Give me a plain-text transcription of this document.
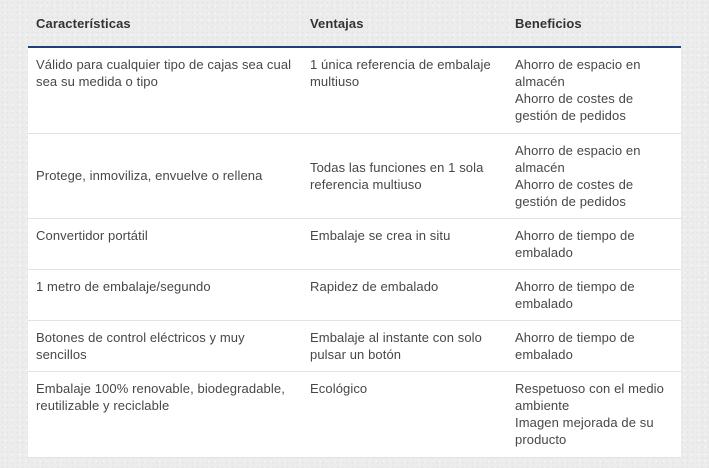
Características	Ventajas	Beneficios
Válido para cualquier tipo de cajas sea cual sea su medida o tipo	1 única referencia de embalaje multiuso	Ahorro de espacio en almacén
Ahorro de costes de gestión de pedidos

Protege, inmoviliza, envuelve o rellena	Todas las funciones en 1 sola referencia multiuso	Ahorro de espacio en almacén
Ahorro de costes de gestión de pedidos

Convertidor portátil	Embalaje se crea in situ	Ahorro de tiempo de embalado

1 metro de embalaje/segundo	Rapidez de embalado	Ahorro de tiempo de embalado

Botones de control eléctricos y muy sencillos	Embalaje al instante con solo pulsar un botón	Ahorro de tiempo de embalado

Embalaje 100% renovable, biodegradable, reutilizable y reciclable	Ecológico	Respetuoso con el medio ambiente
Imagen mejorada de su producto
